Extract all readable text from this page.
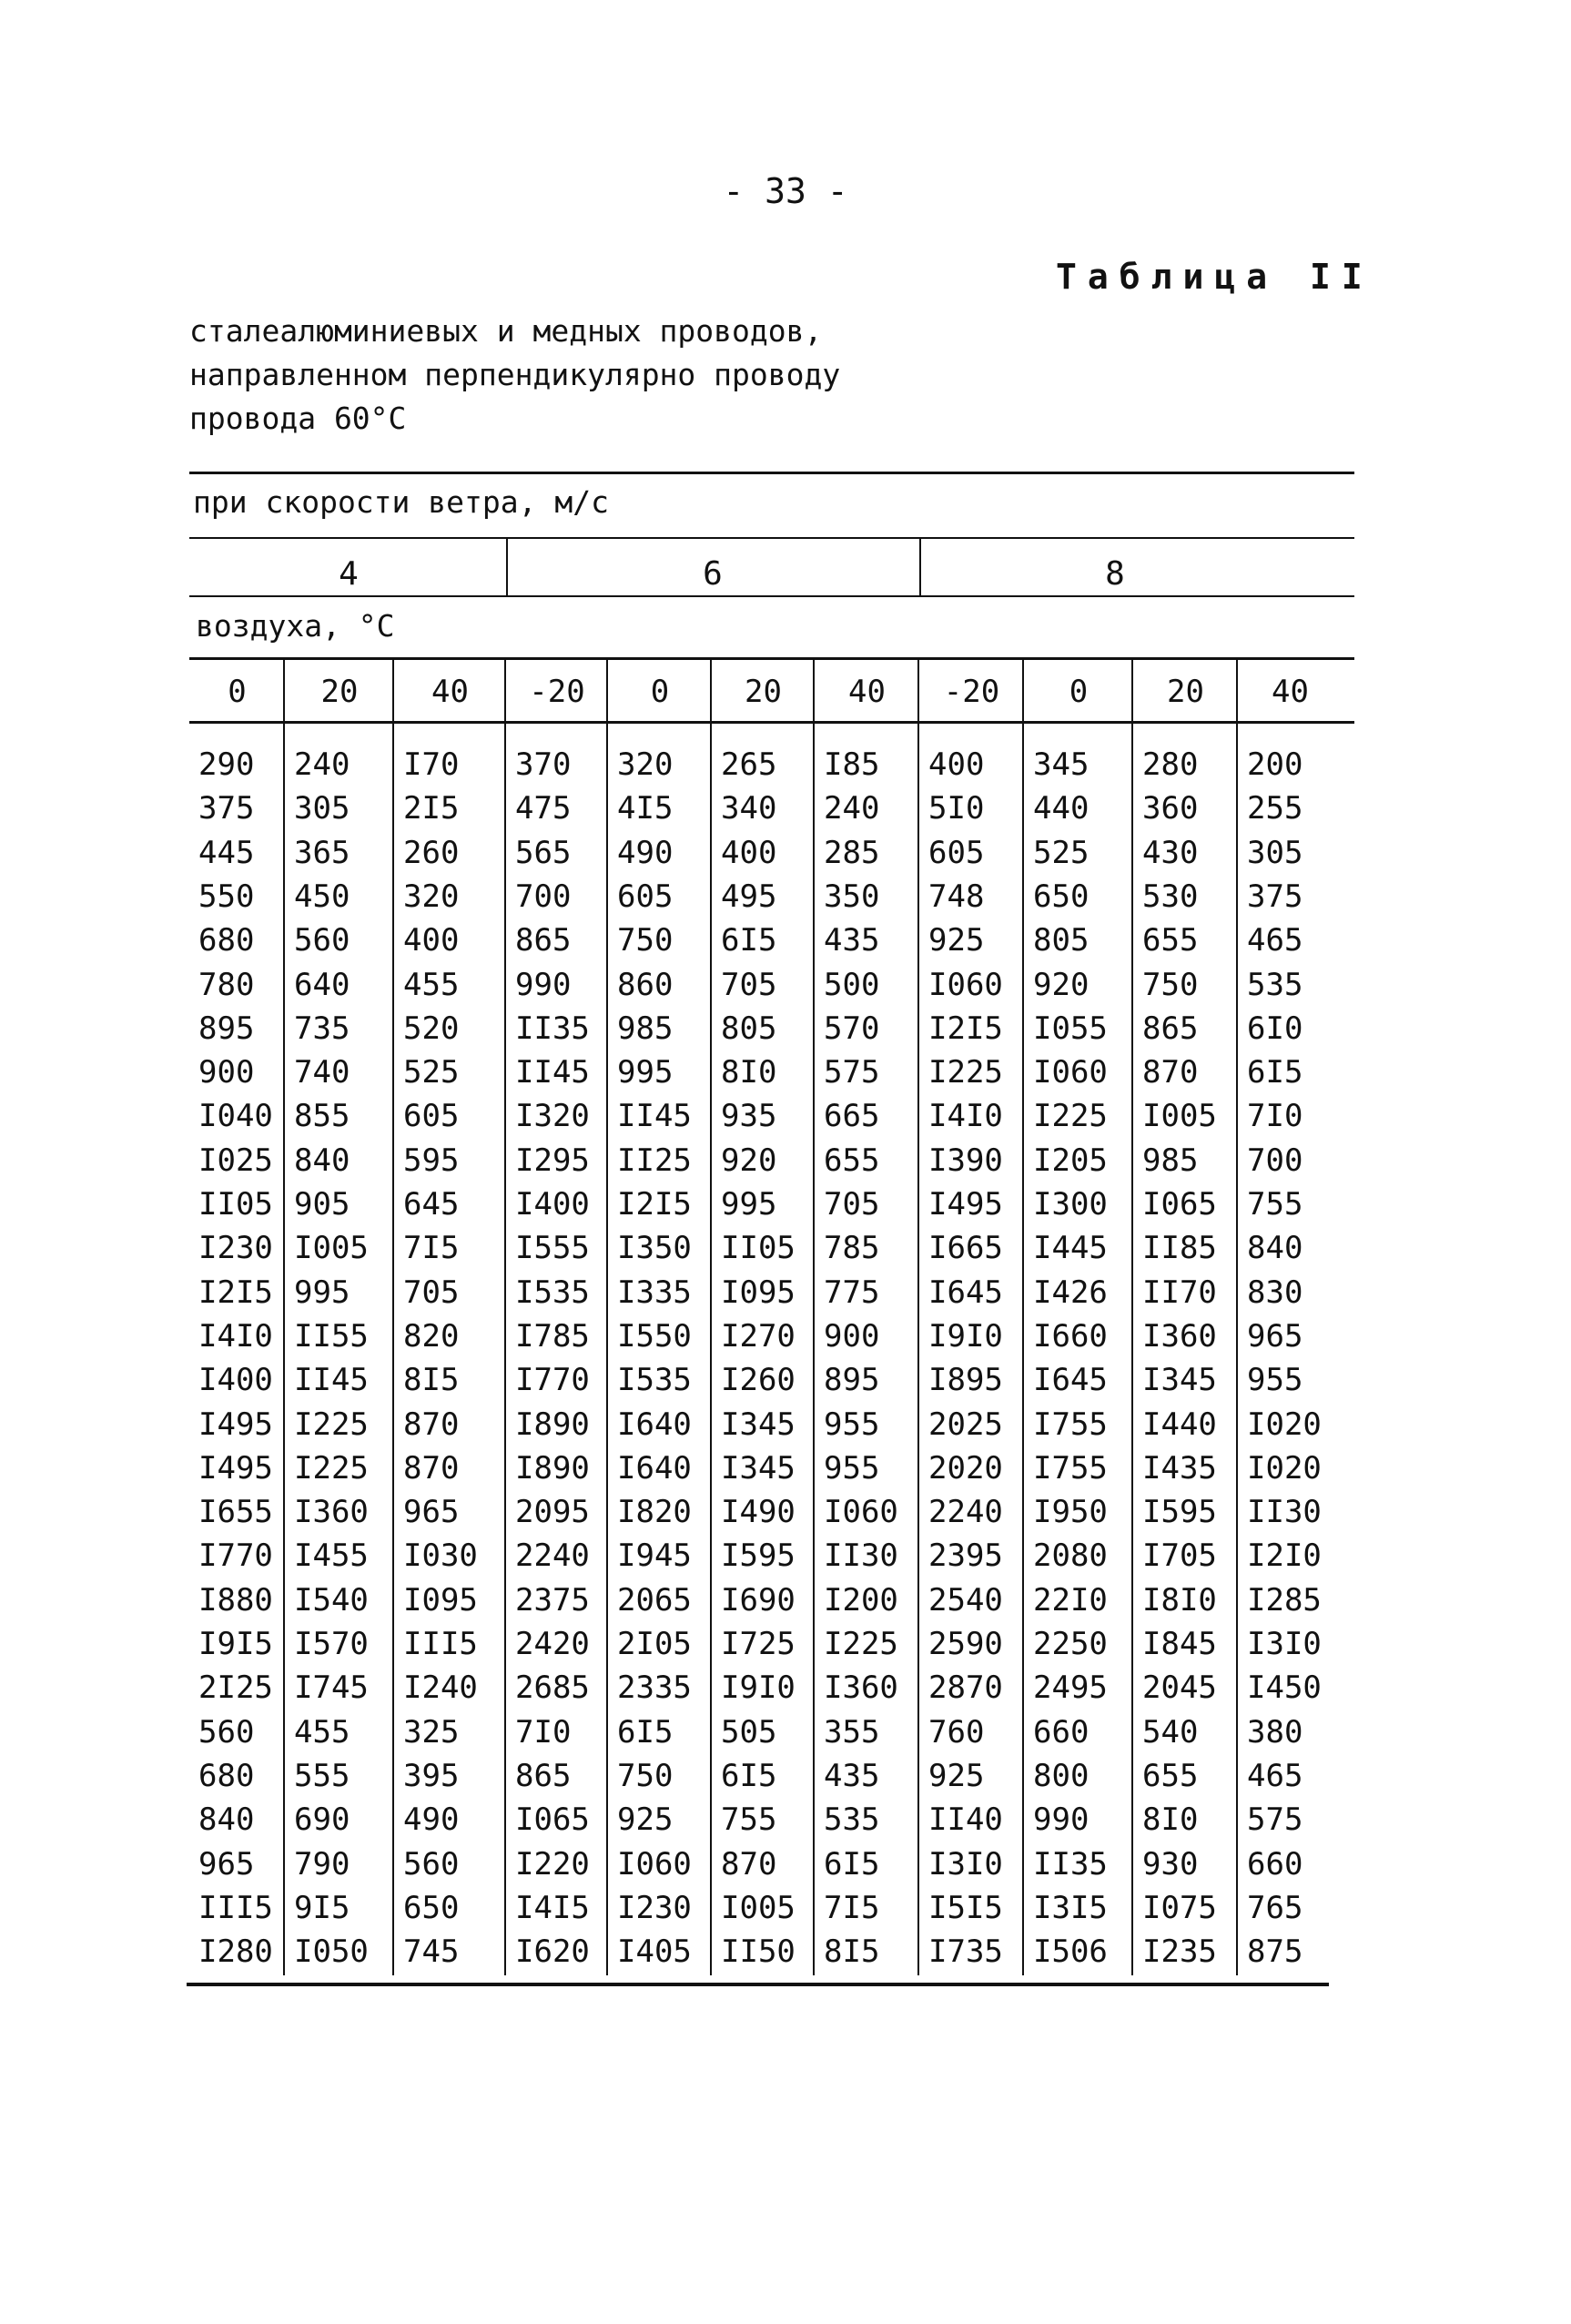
- 33 -
Таблица II
сталеалюминиевых и медных проводов,
направленном перпендикулярно проводу
провода 60°С
при скорости ветра, м/с
4	6	8
воздуха, °С
0	20	40	-20	0	20	40	-20	0	20	40
290 240 I70 370 320 265 I85 400 345 280 200
375 305 2I5 475 4I5 340 240 5I0 440 360 255
445 365 260 565 490 400 285 605 525 430 305
550 450 320 700 605 495 350 748 650 530 375
680 560 400 865 750 6I5 435 925 805 655 465
780 640 455 990 860 705 500 I060 920 750 535
895 735 520 II35 985 805 570 I2I5 I055 865 6I0
900 740 525 II45 995 8I0 575 I225 I060 870 6I5
I040 855 605 I320 II45 935 665 I4I0 I225 I005 7I0
I025 840 595 I295 II25 920 655 I390 I205 985 700
II05 905 645 I400 I2I5 995 705 I495 I300 I065 755
I230 I005 7I5 I555 I350 II05 785 I665 I445 II85 840
I2I5 995 705 I535 I335 I095 775 I645 I426 II70 830
I4I0 II55 820 I785 I550 I270 900 I9I0 I660 I360 965
I400 II45 8I5 I770 I535 I260 895 I895 I645 I345 955
I495 I225 870 I890 I640 I345 955 2025 I755 I440 I020
I495 I225 870 I890 I640 I345 955 2020 I755 I435 I020
I655 I360 965 2095 I820 I490 I060 2240 I950 I595 II30
I770 I455 I030 2240 I945 I595 II30 2395 2080 I705 I2I0
I880 I540 I095 2375 2065 I690 I200 2540 22I0 I8I0 I285
I9I5 I570 III5 2420 2I05 I725 I225 2590 2250 I845 I3I0
2I25 I745 I240 2685 2335 I9I0 I360 2870 2495 2045 I450
560 455 325 7I0 6I5 505 355 760 660 540 380
680 555 395 865 750 6I5 435 925 800 655 465
840 690 490 I065 925 755 535 II40 990 8I0 575
965 790 560 I220 I060 870 6I5 I3I0 II35 930 660
III5 9I5 650 I4I5 I230 I005 7I5 I5I5 I3I5 I075 765
I280 I050 745 I620 I405 II50 8I5 I735 I506 I235 875
